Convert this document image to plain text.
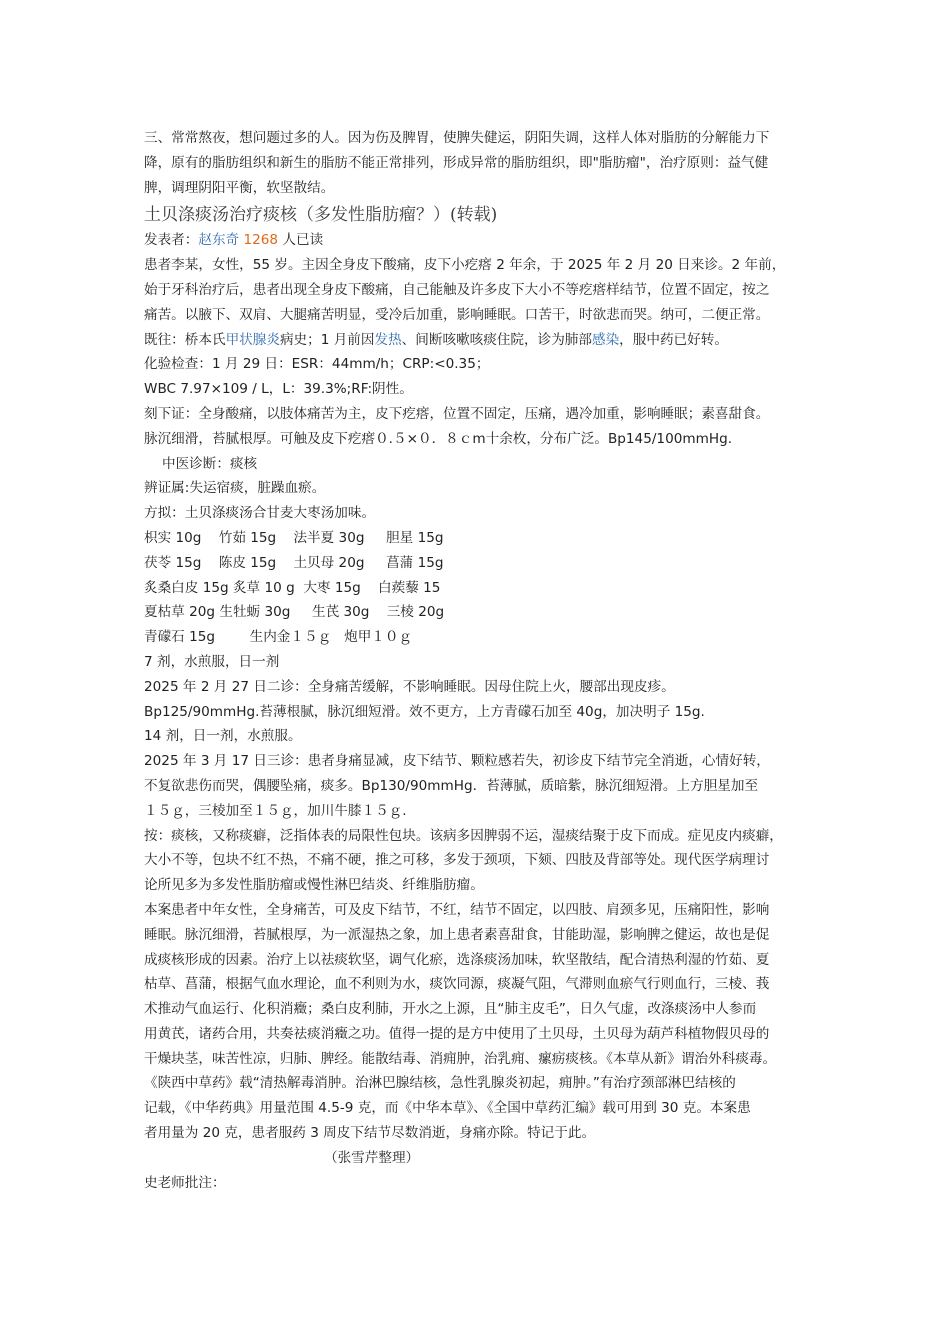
三、常常熬夜，想问题过多的人。因为伤及脾胃，使脾失健运，阴阳失调，这样人体对脂肪的分解能力下

降，原有的脂肪组织和新生的脂肪不能正常排列，形成异常的脂肪组织，即"脂肪瘤"，治疗原则：益气健

脾，调理阴阳平衡，软坚散结。

土贝涤痰汤治疗痰核（多发性脂肪瘤？）(转载)

发表者：赵东奇 1268 人已读

患者李某，女性，55 岁。主因全身皮下酸痛，皮下小疙瘩 2 年余，于 2025 年 2 月 20 日来诊。2 年前，

始于牙科治疗后，患者出现全身皮下酸痛，自己能触及许多皮下大小不等疙瘩样结节，位置不固定，按之

痛苦。以腋下、双肩、大腿痛苦明显，受冷后加重，影响睡眠。口苦干，时欲悲而哭。纳可，二便正常。

既往：桥本氏甲状腺炎病史；1 月前因发热、间断咳嗽咳痰住院，诊为肺部感染，服中药已好转。

化验检查：1 月 29 日：ESR：44mm/h；CRP:<0.35；

WBC 7.97×109 / L，L：39.3%;RF:阴性。

刻下证：全身酸痛，以肢体痛苦为主，皮下疙瘩，位置不固定，压痛，遇冷加重，影响睡眠；素喜甜食。

脉沉细滑，苔腻根厚。可触及皮下疙瘩０.５×０．８ｃm十余枚，分布广泛。Bp145/100mmHg.

中医诊断：痰核

辨证属:失运宿痰，脏躁血瘀。

方拟：土贝涤痰汤合甘麦大枣汤加味。

枳实 10g    竹茹 15g    法半夏 30g     胆星 15g

茯苓 15g    陈皮 15g    土贝母 20g     菖蒲 15g

炙桑白皮 15g 炙草 10 g  大枣 15g    白蒺藜 15

夏枯草 20g 生牡蛎 30g     生芪 30g    三棱 20g

青礞石 15g        生内金１５ｇ   炮甲１０ｇ

7 剂，水煎服，日一剂

2025 年 2 月 27 日二诊：全身痛苦缓解，不影响睡眠。因母住院上火，腰部出现皮疹。

Bp125/90mmHg.苔薄根腻，脉沉细短滑。效不更方，上方青礞石加至 40g，加决明子 15g.

14 剂，日一剂，水煎服。

2025 年 3 月 17 日三诊：患者身痛显减，皮下结节、颗粒感若失，初诊皮下结节完全消逝，心情好转，

不复欲悲伤而哭，偶腰坠痛，痰多。Bp130/90mmHg．苔薄腻，质暗紫，脉沉细短滑。上方胆星加至

１５ｇ，三棱加至１５ｇ，加川牛膝１５ｇ.

按：痰核，又称痰癖，泛指体表的局限性包块。该病多因脾弱不运，湿痰结聚于皮下而成。症见皮内痰癖，

大小不等，包块不红不热，不痛不硬，推之可移，多发于颈项，下颏、四肢及背部等处。现代医学病理讨

论所见多为多发性脂肪瘤或慢性淋巴结炎、纤维脂肪瘤。

本案患者中年女性，全身痛苦，可及皮下结节，不红，结节不固定，以四肢、肩颈多见，压痛阳性，影响

睡眠。脉沉细滑，苔腻根厚，为一派湿热之象，加上患者素喜甜食，甘能助湿，影响脾之健运，故也是促

成痰核形成的因素。治疗上以祛痰软坚，调气化瘀，选涤痰汤加味，软坚散结，配合清热利湿的竹茹、夏

枯草、菖蒲，根据气血水理论，血不利则为水，痰饮同源，痰凝气阻，气滞则血瘀气行则血行，三棱、莪

术推动气血运行、化积消癥；桑白皮利肺，开水之上源，且“肺主皮毛”，日久气虚，改涤痰汤中人参而

用黄芪，诸药合用，共奏祛痰消癥之功。值得一提的是方中使用了土贝母，土贝母为葫芦科植物假贝母的

干燥块茎，味苦性凉，归肺、脾经。能散结毒、消痈肿，治乳痈、瘰疬痰核。《本草从新》谓治外科痰毒。

《陕西中草药》载“清热解毒消肿。治淋巴腺结核，急性乳腺炎初起，痈肿。”有治疗颈部淋巴结核的

记载，《中华药典》用量范围 4.5-9 克，而《中华本草》、《全国中草药汇编》载可用到 30 克。本案患

者用量为 20 克，患者服药 3 周皮下结节尽数消逝，身痛亦除。特记于此。

（张雪芹整理）

史老师批注：
